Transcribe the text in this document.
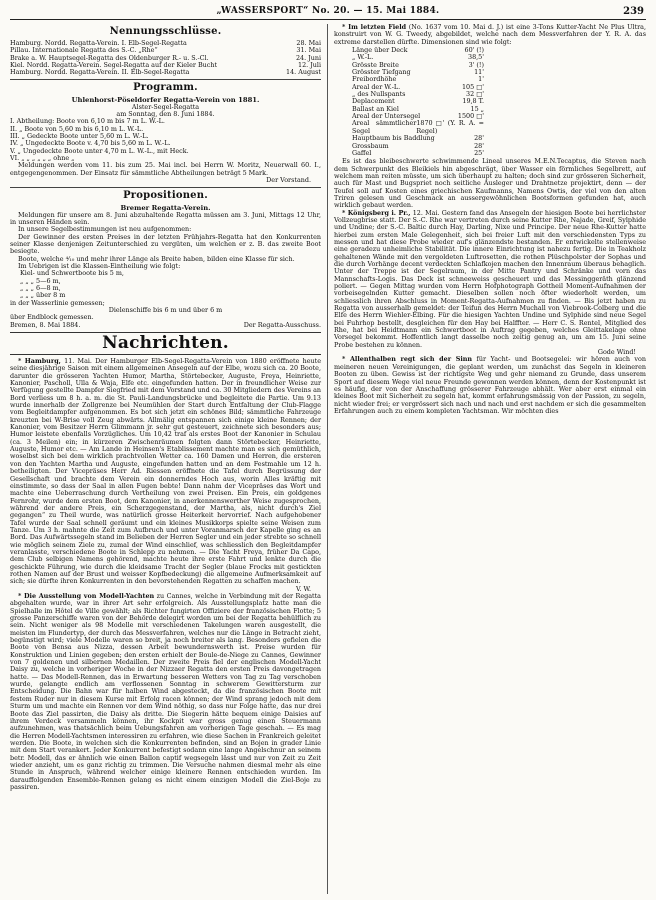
„WASSERSPORT“ No. 20. — 15. Mai 1884.	239
Nennungsschlüsse.
Hamburg. Nordd. Regatta-Verein. I. Elb-Segel-Regatta	28. Mai
Pillau. Internationale Regatta des S.-C. „Rhe“	31. Mai
Brake a. W. Hauptsegel-Regatta des Oldenburger R.- u. S.-Cl.	24. Juni
Kiel. Nordd. Regatta-Verein. Segel-Regatta auf der Kieler Bucht	12. Juli
Hamburg. Nordd. Regatta-Verein. II. Elb-Segel-Regatta	14. August
Programm.
Uhlenhorst-Pöseldorfer Regatta-Verein von 1881.
Alster-Segel-Regatta
am Sonntag, den 8. Juni 1884.
I. Abtheilung: Boote von 6,10 m bis 7 m L. W.-L.
II. „ Boote von 5,60 m bis 6,10 m L. W.-L.
III. „ Gedeckte Boote unter 5,60 m L. W.-L.
IV. „ Ungedeckte Boote v. 4,70 bis 5,60 m L. W.-L.
V. „ Ungedeckte Boote unter 4,70 m L. W.-L., mit Heck.
VI. „ „ „ „ „ „ ohne „

Meldungen werden vom 11. bis zum 25. Mai incl. bei Herrn W. Moritz, Neuerwall 60. I., entgegengenommen. Der Einsatz für sämmtliche Abtheilungen beträgt 5 Mark.

Der Vorstand.
Propositionen.
Bremer Regatta-Verein.

Meldungen für unsere am 8. Juni abzuhaltende Regatta müssen am 3. Juni, Mittags 12 Uhr, in unseren Händen sein.

In unsere Segelbestimmungen ist neu aufgenommen:

Der Gewinner des ersten Preises in der letzten Frühjahrs-Regatta hat den Konkurrenten seiner Klasse denjenigen Zeitunterschied zu vergüten, um welchen er z. B. das zweite Boot besiegte.

Boote, welche ⁴⁄₁₀ und mehr ihrer Länge als Breite haben, bilden eine Klasse für sich.

Im Uebrigen ist die Klassen-Eintheilung wie folgt:

Kiel- und Schwertboote bis 5 m,
„ „ „ 5—6 m,
„ „ „ 6—8 m,
„ „ „ über 8 m

in der Wasserlinie gemessen;

Dielenschiffe bis 6 m und über 6 m

über Endblock gemessen.

Bremen, 8. Mai 1884.	Der Regatta-Ausschuss.
Nachrichten.

* Hamburg, 11. Mai. Der Hamburger Elb-Segel-Regatta-Verein von 1880 eröffnete heute seine diesjährige Saison mit einem allgemeinen Ansegeln auf der Elbe, wozu sich ca. 20 Boote, darunter die grösseren Yachten Humor, Martha, Störtebecker, Auguste, Freya, Heinriette, Kanonier, Pascholl, Ulla & Waja, Elfe etc. eingefunden hatten. Der in freundlicher Weise zur Verfügung gestellte Dampfer Siegfried mit dem Vorstand und ca. 30 Mitgliedern des Vereins an Bord verliess um 8 h. a. m. die St. Pauli-Landungsbrücke und begleitete die Partie. Um 9.13 wurde innerhalb der Zollgrenze bei Neumühlen der Start durch Entfaltung der Club-Flagge vom Begleitdampfer aufgenommen. Es bot sich jetzt ein schönes Bild; sämmtliche Fahrzeuge kreuzten bei W-Brise voll Zeug abwärts. Allmälig entspannen sich einige kleine Rennen; der Kanonier, vom Besitzer Herrn Glimmann jr. sehr gut gesteuert, zeichnete sich besonders aus; Humor leistete ebenfalls Vorzügliches. Um 10,42 traf als erstes Boot der Kanonier in Schulau (ca. 3 Meilen) ein; in kürzeren Zwischenräumen folgten dann Störtebecker, Heinriette, Auguste, Humor etc. — Am Lande in Heinsen's Etablissement machte man es sich gemüthlich, woselbst sich bei dem wirklich prachtvollen Wetter ca. 160 Damen und Herren, die ersteren von den Yachten Martha und Auguste, eingefunden hatten und an dem Festmahle um 12 h. betheiligten. Der Vicepräses Herr Ad. Riessen eröffnete die Tafel durch Begrüssung der Gesellschaft und brachte dem Verein ein donnerndes Hoch aus, worin Alles kräftig mit einstimmte, so dass der Saal in allen Fugen bebte! Dann nahm der Vicepräses das Wort und machte eine Ueberraschung durch Vertheilung von zwei Preisen. Ein Preis, ein goldgenes Fernrohr, wurde dem ersten Boot, dem Kanonier, in anerkennenswerther Weise zugesprochen, während der andere Preis, ein Scherzgegenstand, der Martha, als, nicht durch's Ziel gegangen“ zu Theil wurde, was natürlich grosse Heiterkeit hervorrief. Nach aufgehobener Tafel wurde der Saal schnell geräumt und ein kleines Musikkorps spielte seine Weisen zum Tanze. Um 3 h. mahnte die Zeit zum Aufbruch und unter Voranmarsch der Kapelle ging es an Bord. Das Aufwärtssegeln stand im Belieben der Herren Segler und ein jeder strebte so schnell wie möglich seinem Ziele zu, zumal der Wind einschlief, was schliesslich den Begleitdampfer veranlasste, verschiedene Boote in Schlepp zu nehmen. — Die Yacht Freya, früher Da Capo, dem Club selbigen Namens gehörend, machte heute ihre erste Fahrt und lenkte durch die geschickte Führung, wie durch die kleidsame Tracht der Segler (blaue Frocks mit gestickten rothen Namen auf der Brust und weisser Kopfbedeckung) die allgemeine Aufmerksamkeit auf sich; sie dürfte ihren Konkurrenten in den bevorstehenden Regatten zu schaffen machen.

V. W.

* Die Ausstellung von Modell-Yachten zu Cannes, welche in Verbindung mit der Regatta abgehalten wurde, war in ihrer Art sehr erfolgreich. Als Ausstellungsplatz hatte man die Spielhalle im Hôtel de Ville gewählt; als Richter fungirten Offiziere der französischen Flotte; 5 grosse Panzerschiffe waren von der Behörde delegirt worden um bei der Regatta behülflich zu sein. Nicht weniger als 98 Modelle mit verschiedenen Takelungen waren ausgestellt, die meisten im Flundertyp, der durch das Messverfahren, welches nur die Länge in Betracht zieht, begünstigt wird; viele Modelle waren so breit, ja noch breiter als lang. Besonders gefielen die Boote von Bensa aus Nizza, dessen Arbeit bewundernswerth ist. Preise wurden für Konstruktion und Linien gegeben; den ersten erhielt der Boule-de-Niege zu Cannes, Gewinner von 7 goldenen und silbernen Medaillen. Der zweite Preis fiel der englischen Modell-Yacht Daisy zu, welche in vorheriger Woche in der Nizzaer Regatta den ersten Preis davongetragen hatte. — Das Modell-Rennen, das in Erwartung besseren Wetters von Tag zu Tag verschoben wurde, gelangte endlich am verflossenen Sonntag in schwerem Gewittersturm zur Entscheidung. Die Bahn war für halben Wind abgesteckt, da die französischen Boote mit festem Ruder nur in diesem Kurse mit Erfolg racen können; der Wind sprang jedoch mit dem Sturm um und machte ein Rennen vor dem Wind nöthig, so dass nur Folge hatte, das nur drei Boote das Ziel passirten, die Daisy als dritte. Die Siegerin hätte bequem einige Daisies auf ihrem Verdeck versammeln können, ihr Kockpit war gross genug einen Steuermann aufzunehmen, was thatsächlich beim Uebungsfahren am vorherigen Tage geschah. — Es mag die Herren Modell-Yachtsmen interessiren zu erfahren, wie diese Sachen in Frankreich geleitet werden. Die Boote, in welchen sich die Konkurrenten befinden, sind an Bojen in grader Linie mit dem Start verankert. Jeder Konkurrent befestigt sodann eine lange Angelschnur an seinem betr. Modell, das er ähnlich wie einen Ballon captif wegsegeln lässt und nur von Zeit zu Zeit wieder anzieht, um es ganz richtig zu trimmen. Die Versuche nahmen diesmal mehr als eine Stunde in Anspruch, während welcher einige kleinere Rennen entschieden wurden. Im darauffolgenden Ensemble-Rennen gelang es nicht einem einzigen Modell die Ziel-Boje zu passiren.

* Im letzten Field (No. 1637 vom 10. Mai d. J.) ist eine 3-Tons Kutter-Yacht Ne Plus Ultra, konstruirt von W. G. Tweedy, abgebildet, welche nach dem Messverfahren der Y. R. A. das extreme darstellen dürfte. Dimensionen sind wie folgt:

Länge über Deck	60' (!)
„ W.-L.	38,5'
Grösste Breite	3' (!)
Grösster Tiefgang	11'
Freibordhöhe	1'
Areal der W.-L.	105 □'
„ des Nullspants	32 □'
Deplacement	19,8 T.
Ballast an Kiel	15 „
Areal der Untersegel	1500 □'
Areal sämmtlicher Segel
1870 □' (Y. R. A. = Regel)
Hauptbaum bis Baddlung	28'
Grossbaum	28'
Gaffel	25'

Es ist das bleibeschwerte schwimmende Lineal unseres M.E.N.Tecaptus, die Steven nach dem Schwerpunkt des Bleikiels hin abgeschrägt, über Wasser ein förmliches Segelbrett, auf welchem man reiten müsste, um sich überhaupt zu halten; doch sind zur grösseren Sicherheit, auch für Mast und Bugspriet noch seitliche Ausleger und Drahtnetze projektirt, denn — der Teufel soll auf Kosten eines griechischen Kaufmanns, Namens Owtis, der viel von den alten Triren gelesen und Geschmack an aussergewöhnlichen Bootsformen gefunden hat, auch wirklich gebaut werden.

* Königsberg i. Pr., 12. Mai. Gestern fand das Ansegeln der hiesigen Boote bei herrlichster Vollzeugbrise statt. Der S.-C. Rhe war vertreten durch seine Kutter Rhe, Najade, Greif, Sylphide und Undine; der S.-C. Baltic durch Hay, Darling, Nixe und Principe. Der neue Rhe-Kutter hatte hierbei zum ersten Male Gelegenheit, sich bei freier Luft mit den verschiedensten Typs zu messen und hat diese Probe wieder auf's glänzendste bestanden. Er entwickelte stellenweise eine geradezu unheimliche Stabilität. Die innere Einrichtung ist nahezu fertig. Die in Teakholz gehaltenen Wände mit den vergoldeten Luftrosetten, die rothen Plüschpolster der Sophas und die durch Vorhänge decent verdeckten Schlafkojen machen den Innenraum überaus behaglich. Unter der Treppe ist der Segelraum, in der Mitte Pantry und Schränke und vorn das Mannschafts-Logis. Das Deck ist schneeweiss gescheuert und das Messinggeräth glänzend poliert. — Gegen Mittag wurden vom Herrn Hofphotograph Gottheil Moment-Aufnahmen der vorbeisegelnden Kutter gemacht. Dieselben sollen noch öfter wiederholt werden, um schliesslich ihren Abschluss in Moment-Regatta-Aufnahmen zu finden. — Bis jetzt haben zu Regatta von ausserhalb gemeldet: der Teifun des Herrn Muchall von Viebrook-Colberg und die Elfe des Herrn Wiehler-Elbing. Für die hiesigen Yachten Undine und Sylphide sind neue Segel bei Fuhrhop bestellt, desgleichen für den Hay bei Halffter. — Herr C. S. Rentel, Mitglied des Rhe, hat bei Heidtmann ein Schwertboot in Auftrag gegeben, welches Gleittakelage ohne Vorsegel bekommt. Hoffentlich langt dasselbe noch zeitig genug an, um am 15. Juni seine Probe bestehen zu können.

Gode Wind!

* Allenthalben regt sich der Sinn für Yacht- und Bootsegelei: wir hören auch von meineren neuen Vereinigungen, die geplant werden, um zunächst das Segeln in kleineren Booten zu üben. Gewiss ist der richtigste Weg und gehr niemand zu Grunde, dass unserem Sport auf diesem Wege viel neue Freunde gewonnen werden können, denn der Kostenpunkt ist es häufig, der von der Anschaffung grösserer Fahrzeuge abhält. Wer aber erst einmal ein kleines Boot mit Sicherheit zu segeln hat, kommt erfahrungsmässig von der Passion, zu segeln, nicht wieder frei; er vergrössert sich nach und nach und erst nachdem er sich die gesammelten Erfahrungen auch zu einem kompleten Yachtsman. Wir möchten dies
